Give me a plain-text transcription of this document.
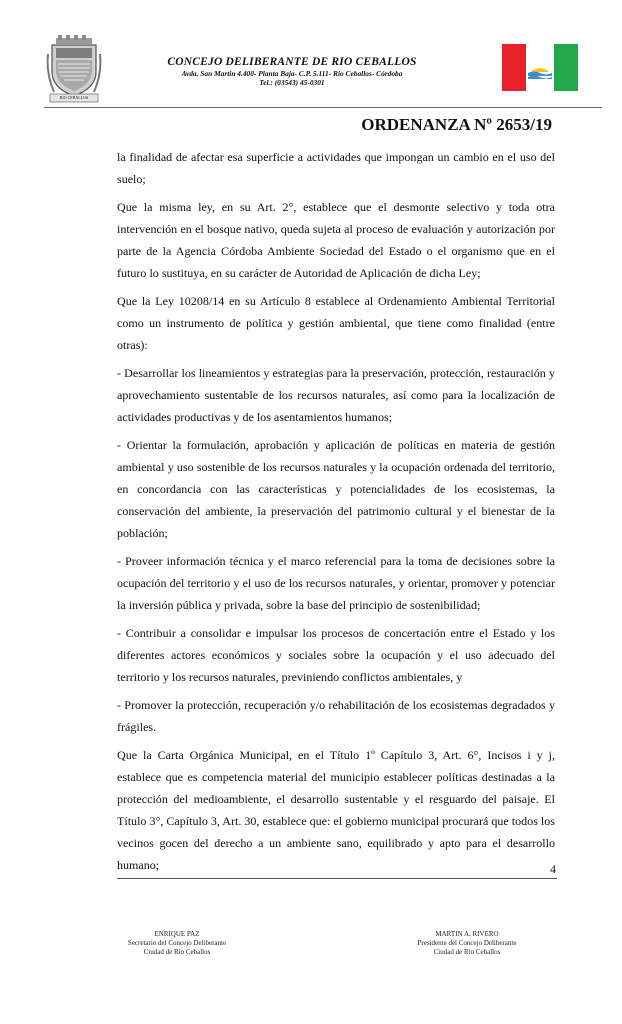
RIO CEBALLOS
CONCEJO DELIBERANTE DE RIO CEBALLOS
Avda. San Martin 4.400- Planta Baja- C.P. 5.111- Rio Ceballos- Córdoba
Tel.: (03543) 45-0301
ORDENANZA Nº 2653/19

la finalidad de afectar esa superficie a actividades que impongan un cambio en el uso del suelo;

Que la misma ley, en su Art. 2°, establece que el desmonte selectivo y toda otra intervención en el bosque nativo, queda sujeta al proceso de evaluación y autorización por parte de la Agencia Córdoba Ambiente Sociedad del Estado o el organismo que en el futuro lo sustituya, en su carácter de Autoridad de Aplicación de dicha Ley;

Que la Ley 10208/14 en su Artículo 8 establece al Ordenamiento Ambiental Territorial como un instrumento de política y gestión ambiental, que tiene como finalidad (entre otras):

- Desarrollar los lineamientos y estrategias para la preservación, protección, restauración y aprovechamiento sustentable de los recursos naturales, así como para la localización de actividades productivas y de los asentamientos humanos;

- Orientar la formulación, aprobación y aplicación de políticas en materia de gestión ambiental y uso sostenible de los recursos naturales y la ocupación ordenada del territorio, en concordancia con las características y potencialidades de los ecosistemas, la conservación del ambiente, la preservación del patrimonio cultural y el bienestar de la población;

- Proveer información técnica y el marco referencial para la toma de decisiones sobre la ocupación del territorio y el uso de los recursos naturales, y orientar, promover y potenciar la inversión pública y privada, sobre la base del principio de sostenibilidad;

- Contribuir a consolidar e impulsar los procesos de concertación entre el Estado y los diferentes actores económicos y sociales sobre la ocupación y el uso adecuado del territorio y los recursos naturales, previniendo conflictos ambientales, y

- Promover la protección, recuperación y/o rehabilitación de los ecosistemas degradados y frágiles.

Que la Carta Orgánica Municipal, en el Título 1º Capítulo 3, Art. 6°, Incisos i y j, establece que es competencia material del municipio establecer políticas destinadas a la protección del medioambiente, el desarrollo sustentable y el resguardo del paisaje. El Título 3°, Capítulo 3, Art. 30, establece que: el gobierno municipal procurará que todos los vecinos gocen del derecho a un ambiente sano, equilibrado y apto para el desarrollo humano;	4
ENRIQUE PAZ
Secretario del Concejo Deliberante
Ciudad de Rio Ceballos
MARTIN A. RIVERO
Presidente del Concejo Deliberante
Ciudad de Rio Ceballos
